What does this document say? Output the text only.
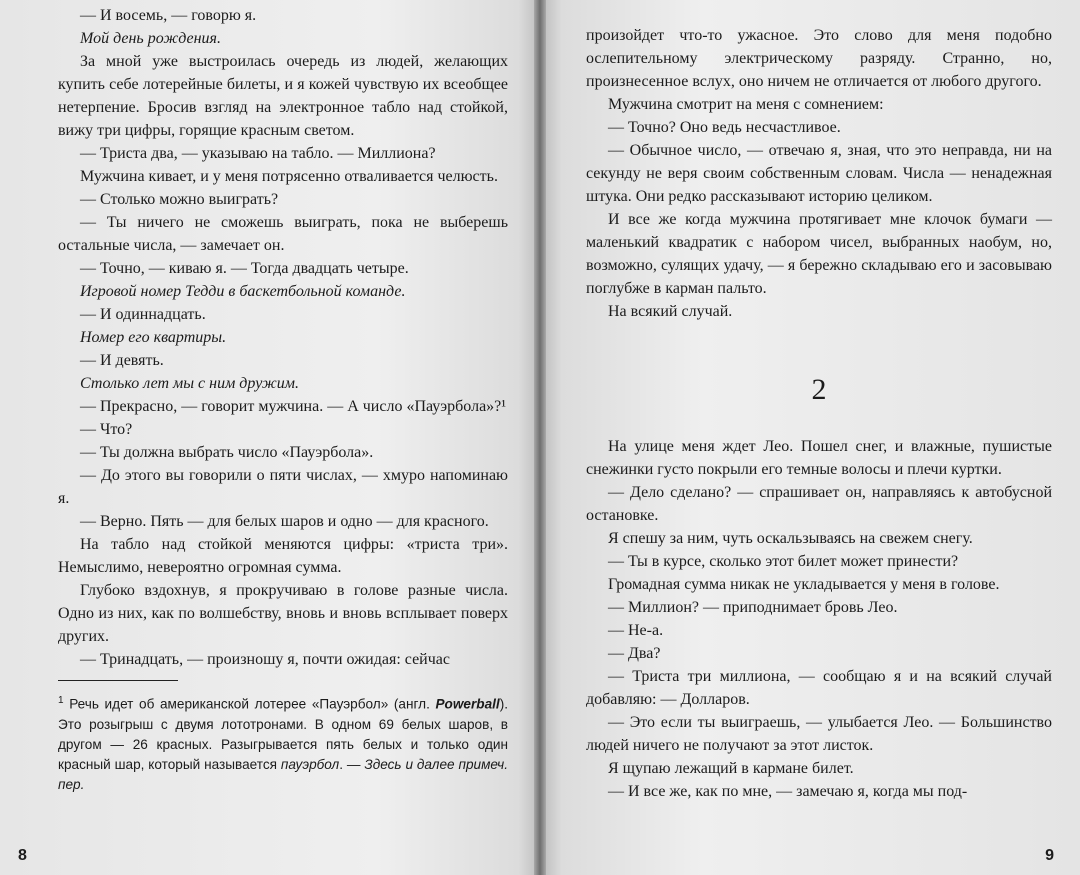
— И восемь, — говорю я.

Мой день рождения.

За мной уже выстроилась очередь из людей, желающих купить себе лотерейные билеты, и я кожей чувствую их всеобщее нетерпение. Бросив взгляд на электронное табло над стойкой, вижу три цифры, горящие красным светом.

— Триста два, — указываю на табло. — Миллиона?

Мужчина кивает, и у меня потрясенно отваливается челюсть.

— Столько можно выиграть?

— Ты ничего не сможешь выиграть, пока не выберешь остальные числа, — замечает он.

— Точно, — киваю я. — Тогда двадцать четыре.

Игровой номер Тедди в баскетбольной команде.

— И одиннадцать.

Номер его квартиры.

— И девять.

Столько лет мы с ним дружим.

— Прекрасно, — говорит мужчина. — А число «Пауэрбола»?¹

— Что?

— Ты должна выбрать число «Пауэрбола».

— До этого вы говорили о пяти числах, — хмуро напоминаю я.

— Верно. Пять — для белых шаров и одно — для красного.

На табло над стойкой меняются цифры: «триста три». Немыслимо, невероятно огромная сумма.

Глубоко вздохнув, я прокручиваю в голове разные числа. Одно из них, как по волшебству, вновь и вновь всплывает поверх других.

— Тринадцать, — произношу я, почти ожидая: сейчас

$^1$ Речь идет об американской лотерее «Пауэрбол» (англ. Powerball). Это розыгрыш с двумя лототронами. В одном 69 белых шаров, в другом — 26 красных. Разыгрывается пять белых и только один красный шар, который называется пауэрбол. — Здесь и далее примеч. пер.

8

произойдет что-то ужасное. Это слово для меня подобно ослепительному электрическому разряду. Странно, но, произнесенное вслух, оно ничем не отличается от любого другого.

Мужчина смотрит на меня с сомнением:

— Точно? Оно ведь несчастливое.

— Обычное число, — отвечаю я, зная, что это неправда, ни на секунду не веря своим собственным словам. Числа — ненадежная штука. Они редко рассказывают историю целиком.

И все же когда мужчина протягивает мне клочок бумаги — маленький квадратик с набором чисел, выбранных наобум, но, возможно, сулящих удачу, — я бережно складываю его и засовываю поглубже в карман пальто.

На всякий случай.

2

На улице меня ждет Лео. Пошел снег, и влажные, пушистые снежинки густо покрыли его темные волосы и плечи куртки.

— Дело сделано? — спрашивает он, направляясь к автобусной остановке.

Я спешу за ним, чуть оскальзываясь на свежем снегу.

— Ты в курсе, сколько этот билет может принести?

Громадная сумма никак не укладывается у меня в голове.

— Миллион? — приподнимает бровь Лео.

— Не-а.

— Два?

— Триста три миллиона, — сообщаю я и на всякий случай добавляю: — Долларов.

— Это если ты выиграешь, — улыбается Лео. — Большинство людей ничего не получают за этот листок.

Я щупаю лежащий в кармане билет.

— И все же, как по мне, — замечаю я, когда мы под-

9
